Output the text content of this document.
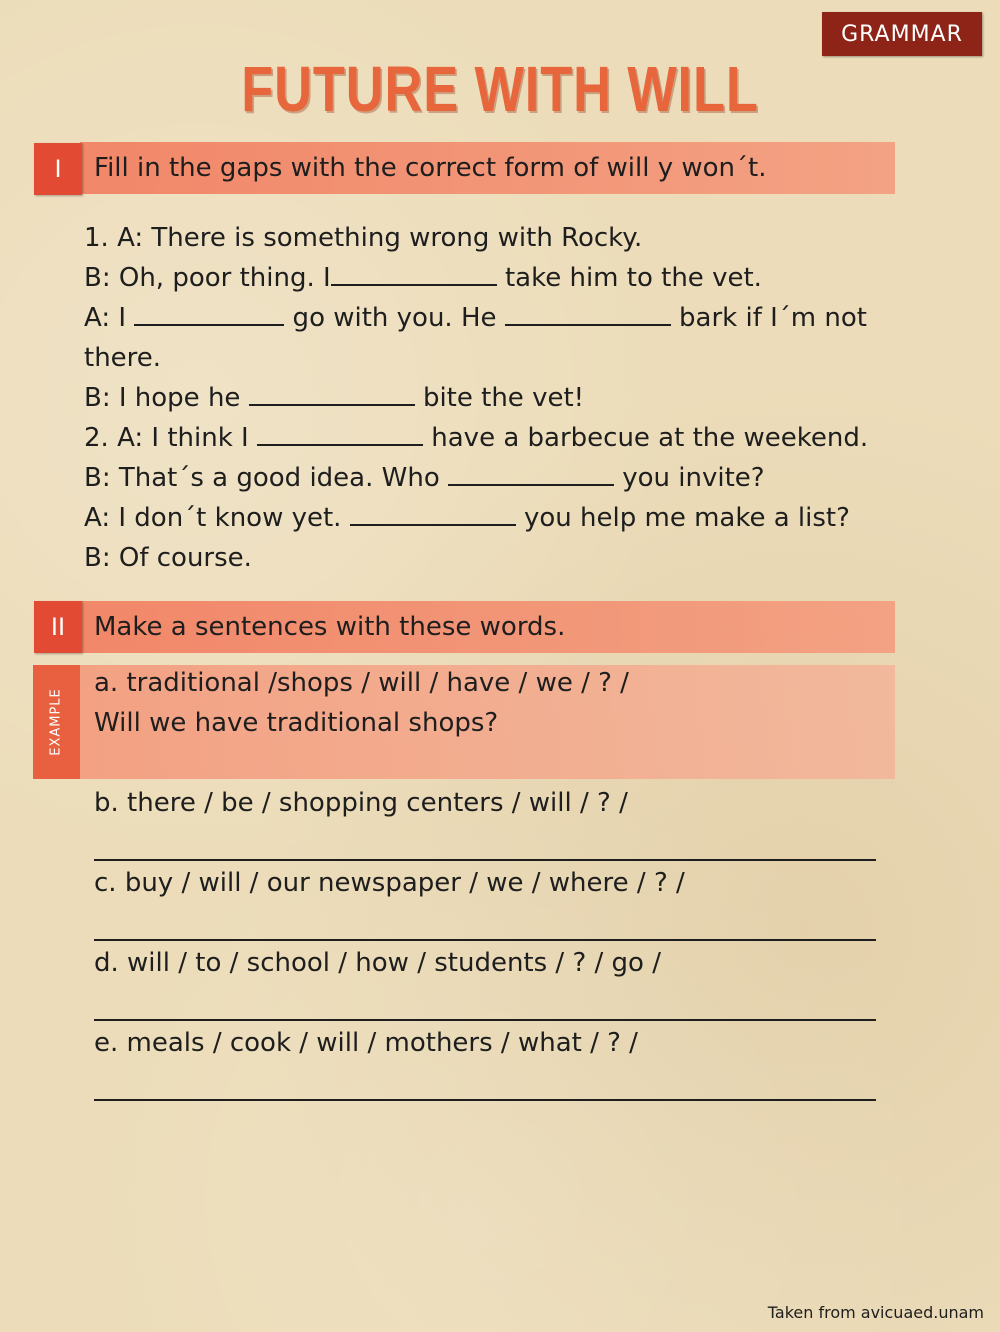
GRAMMAR
FUTURE WITH WILL
I	Fill in the gaps with the correct form of will y won´t.
1. A: There is something wrong with Rocky.
B: Oh, poor thing. I	take him to the vet.
A: I	go with you. He	bark if I´m not
there.
B: I hope he	bite the vet!
2. A: I think I	have a barbecue at the weekend.
B: That´s a good idea. Who	you invite?
A: I don´t know yet.	you help me make a list?
B: Of course.
II	Make a sentences with these words.
EXAMPLE
a. traditional /shops / will / have / we / ? /
Will we have traditional shops?
b. there / be / shopping centers / will / ? /
c. buy / will / our newspaper / we / where / ? /
d. will / to / school / how / students / ? / go /
e. meals / cook / will / mothers / what / ? /
Taken from avicuaed.unam
